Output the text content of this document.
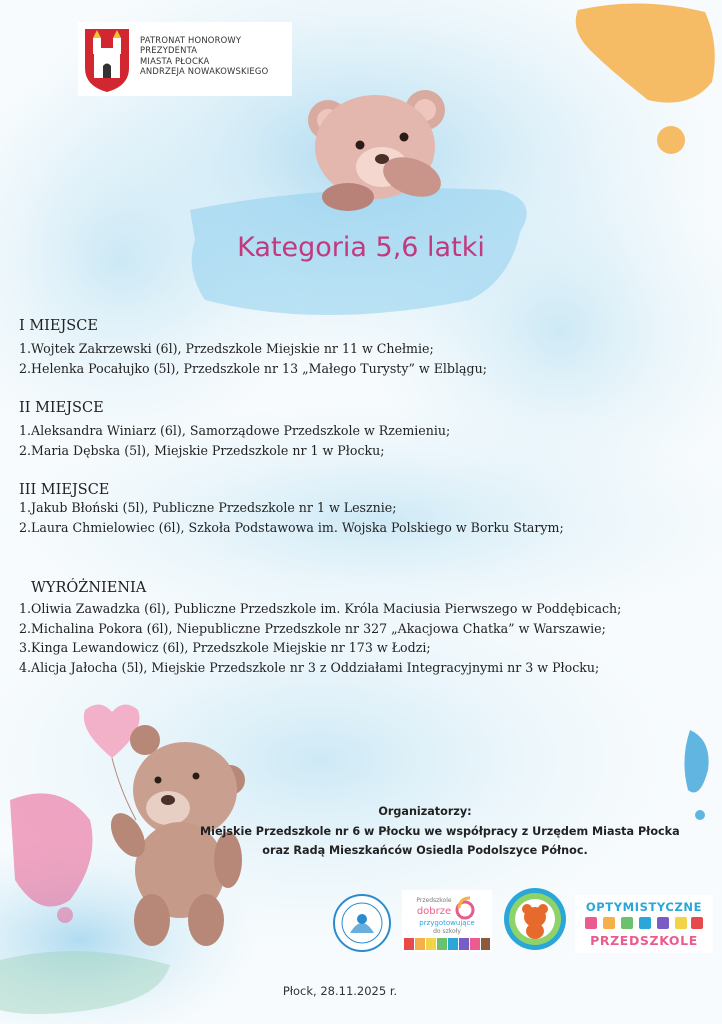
PATRONAT HONOROWY
PREZYDENTA
MIASTA PŁOCKA
ANDRZEJA NOWAKOWSKIEGO
Kategoria 5,6 latki
I MIEJSCE
1.Wojtek Zakrzewski (6l), Przedszkole Miejskie nr 11 w Chełmie;
2.Helenka Pocałujko (5l), Przedszkole nr 13 „Małego Turysty” w Elblągu;
II MIEJSCE
1.Aleksandra Winiarz (6l), Samorządowe Przedszkole w Rzemieniu;
2.Maria Dębska (5l), Miejskie Przedszkole nr 1 w Płocku;
III MIEJSCE
1.Jakub Błoński (5l), Publiczne Przedszkole nr 1 w Lesznie;
2.Laura Chmielowiec (6l), Szkoła Podstawowa im. Wojska Polskiego w Borku Starym;
WYRÓŻNIENIA
1.Oliwia Zawadzka (6l), Publiczne Przedszkole im. Króla Maciusia Pierwszego w Poddębicach;
2.Michalina Pokora (6l), Niepubliczne Przedszkole nr 327 „Akacjowa Chatka” w Warszawie;
3.Kinga Lewandowicz (6l), Przedszkole Miejskie nr 173 w Łodzi;
4.Alicja Jałocha (5l), Miejskie Przedszkole nr 3 z Oddziałami Integracyjnymi nr 3 w Płocku;
Organizatorzy:
Miejskie Przedszkole nr 6 w Płocku we współpracy z Urzędem Miasta Płocka
oraz Radą Mieszkańców Osiedla Podolszyce Północ.
Przedszkole
dobrze
przygotowujące
do szkoły
OPTYMISTYCZNE
PRZEDSZKOLE
Płock, 28.11.2025 r.
